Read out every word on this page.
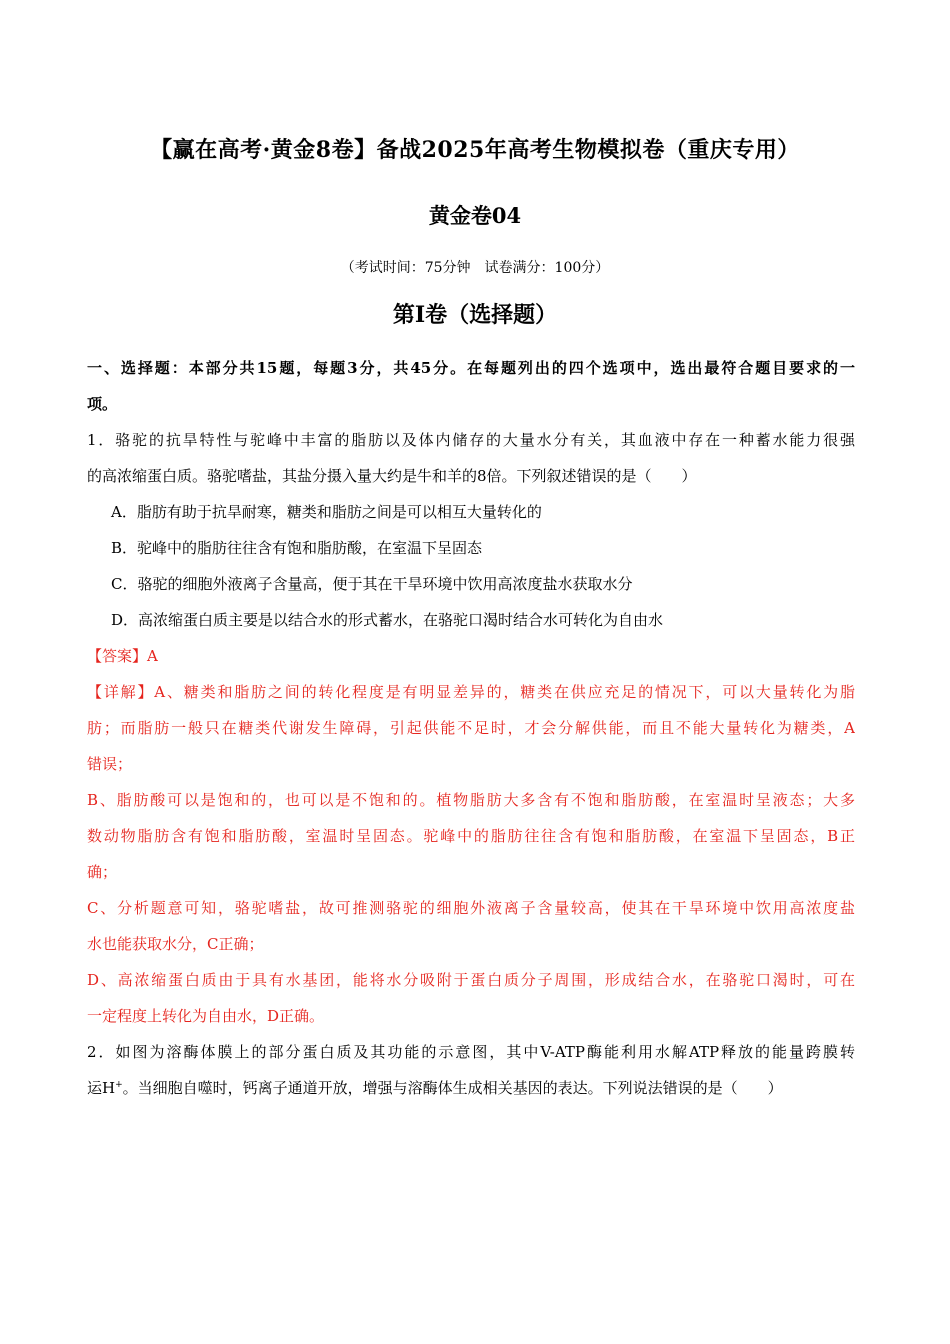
【赢在高考·黄金8卷】备战2025年高考生物模拟卷（重庆专用）
黄金卷04
（考试时间：75分钟　试卷满分：100分）
第I卷（选择题）
一、选择题：本部分共15题，每题3分，共45分。在每题列出的四个选项中，选出最符合题目要求的一
项。
1．骆驼的抗旱特性与驼峰中丰富的脂肪以及体内储存的大量水分有关，其血液中存在一种蓄水能力很强
的高浓缩蛋白质。骆驼嗜盐，其盐分摄入量大约是牛和羊的8倍。下列叙述错误的是（　　）
A．脂肪有助于抗旱耐寒，糖类和脂肪之间是可以相互大量转化的
B．驼峰中的脂肪往往含有饱和脂肪酸，在室温下呈固态
C．骆驼的细胞外液离子含量高，便于其在干旱环境中饮用高浓度盐水获取水分
D．高浓缩蛋白质主要是以结合水的形式蓄水，在骆驼口渴时结合水可转化为自由水
【答案】A
【详解】A、糖类和脂肪之间的转化程度是有明显差异的，糖类在供应充足的情况下，可以大量转化为脂
肪；而脂肪一般只在糖类代谢发生障碍，引起供能不足时，才会分解供能，而且不能大量转化为糖类，A
错误；
B、脂肪酸可以是饱和的，也可以是不饱和的。植物脂肪大多含有不饱和脂肪酸，在室温时呈液态；大多
数动物脂肪含有饱和脂肪酸，室温时呈固态。驼峰中的脂肪往往含有饱和脂肪酸，在室温下呈固态，B正
确；
C、分析题意可知，骆驼嗜盐，故可推测骆驼的细胞外液离子含量较高，使其在干旱环境中饮用高浓度盐
水也能获取水分，C正确；
D、高浓缩蛋白质由于具有水基团，能将水分吸附于蛋白质分子周围，形成结合水，在骆驼口渴时，可在
一定程度上转化为自由水，D正确。
2．如图为溶酶体膜上的部分蛋白质及其功能的示意图，其中V-ATP酶能利用水解ATP释放的能量跨膜转
运H+。当细胞自噬时，钙离子通道开放，增强与溶酶体生成相关基因的表达。下列说法错误的是（　　）
